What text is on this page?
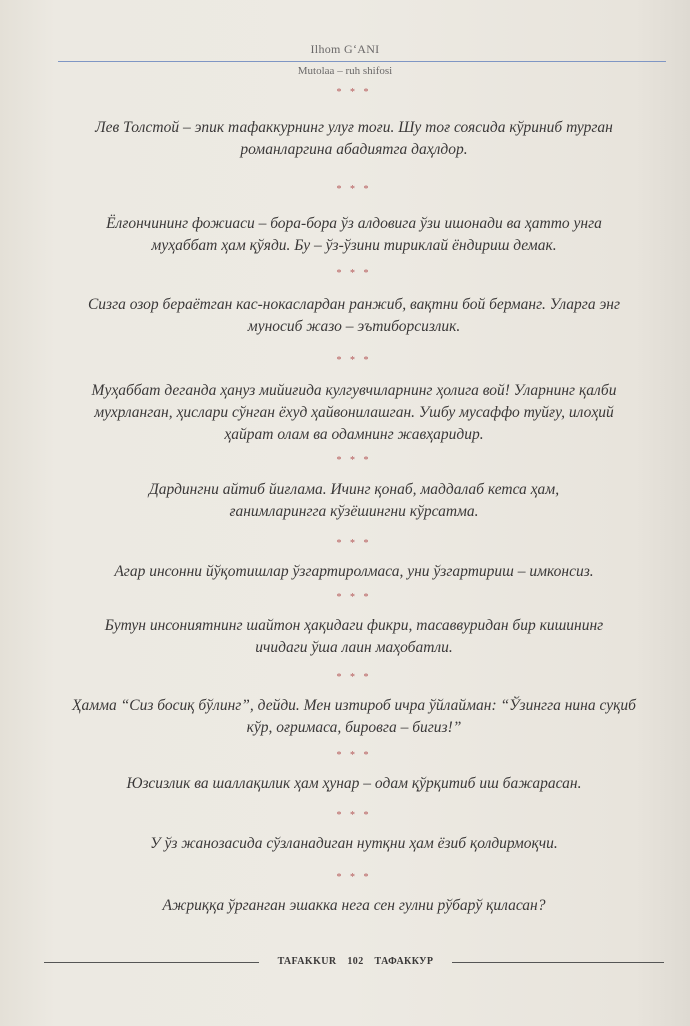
Ilhom G‘ANI
Mutolaa – ruh shifosi
* * *
Лев Толстой – эпик тафаккурнинг улуғ тоғи. Шу тоғ соясида кўриниб турган романларгина абадиятга даҳлдор.
* * *
Ёлғончининг фожиаси – бора-бора ўз алдовига ўзи ишонади ва ҳатто унга муҳаббат ҳам қўяди. Бу – ўз-ўзини тириклай ёндириш демак.
* * *
Сизга озор бераётган кас-нокаслардан ранжиб, вақтни бой берманг. Уларга энг муносиб жазо – эътиборсизлик.
* * *
Муҳаббат деганда ҳануз мийиғида кулгувчиларнинг ҳолига вой! Уларнинг қалби мухрланган, ҳислари сўнган ёхуд ҳайвонилашган. Ушбу мусаффо туйғу, илоҳий ҳайрат олам ва одамнинг жавҳаридир.
* * *
Дардингни айтиб йиғлама. Ичинг қонаб, маддалаб кетса ҳам, ғанимларингга кўзёшингни кўрсатма.
* * *
Агар инсонни йўқотишлар ўзгартиролмаса, уни ўзгартириш – имконсиз.
* * *
Бутун инсониятнинг шайтон ҳақидаги фикри, тасаввуридан бир кишининг ичидаги ўша лаин маҳобатли.
* * *
Ҳамма “Сиз босиқ бўлинг”, дейди. Мен изтироб ичра ўйлайман: “Ўзингга нина суқиб кўр, оғримаса, бировга – бигиз!”
* * *
Юзсизлик ва шаллақилик ҳам ҳунар – одам қўрқитиб иш бажарасан.
* * *
У ўз жанозасида сўзланадиган нутқни ҳам ёзиб қолдирмоқчи.
* * *
Ажриққа ўрганган эшакка нега сен гулни рўбарў қиласан?
TAFAKKUR 102 ТАФАККУР
